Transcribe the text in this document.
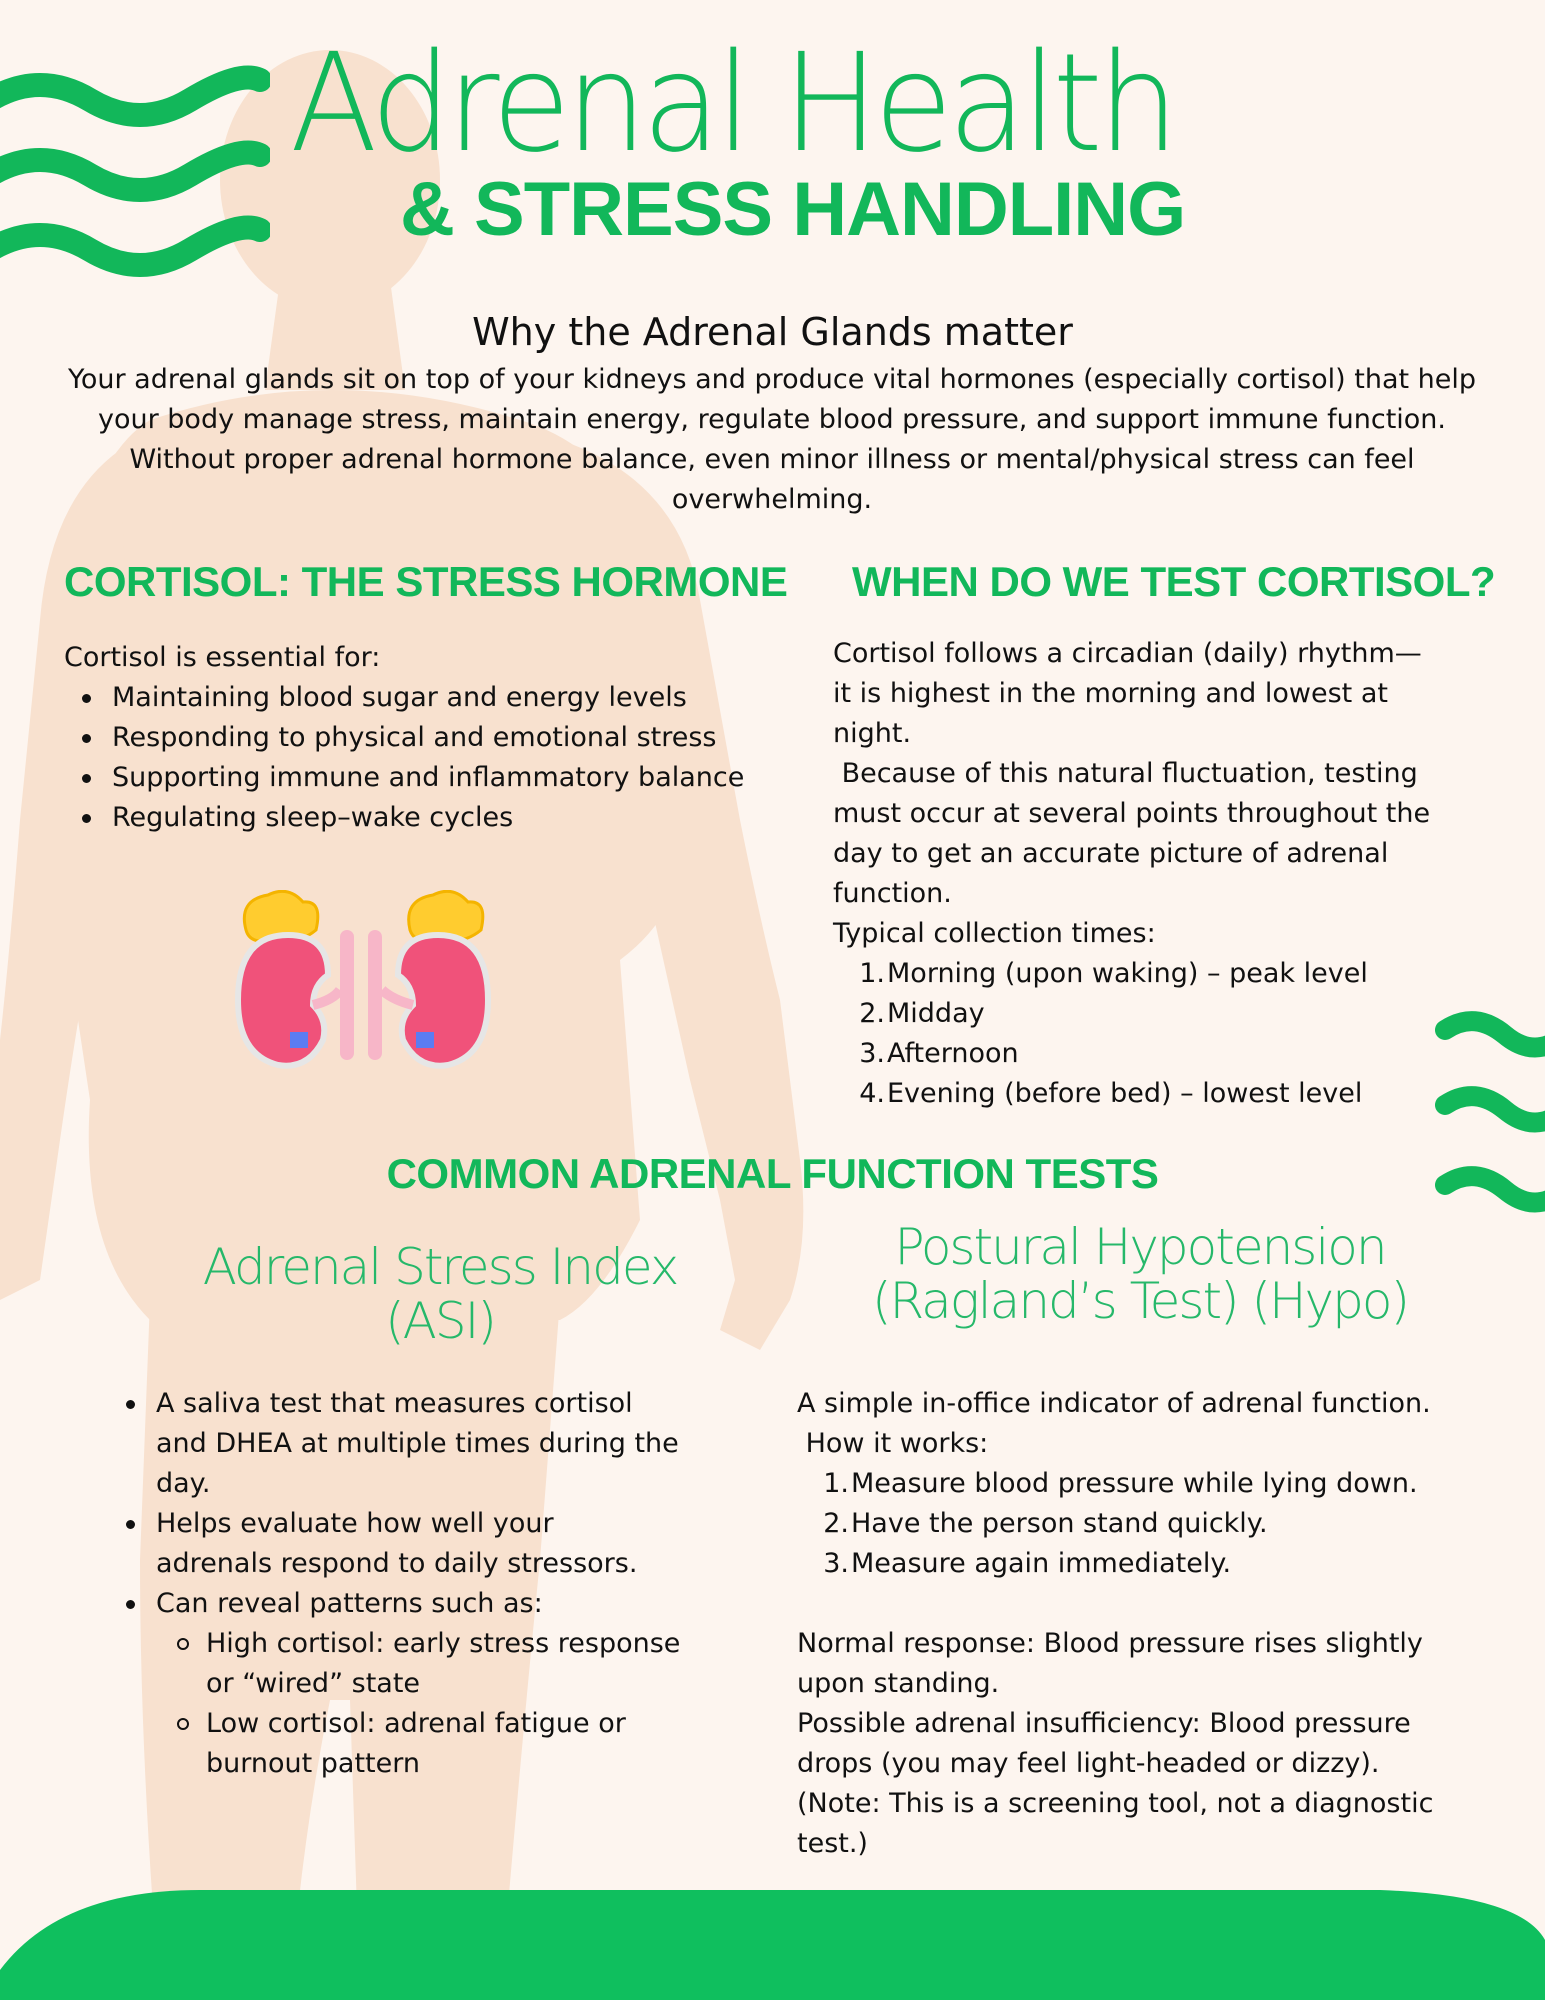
Adrenal Health
& STRESS HANDLING
Why the Adrenal Glands matter
Your adrenal glands sit on top of your kidneys and produce vital hormones (especially cortisol) that help
your body manage stress, maintain energy, regulate blood pressure, and support immune function.
Without proper adrenal hormone balance, even minor illness or mental/physical stress can feel
overwhelming.
CORTISOL: THE STRESS HORMONE
Cortisol is essential for:
Maintaining blood sugar and energy levels
Responding to physical and emotional stress
Supporting immune and inflammatory balance
Regulating sleep–wake cycles
WHEN DO WE TEST CORTISOL?
Cortisol follows a circadian (daily) rhythm—
it is highest in the morning and lowest at
night.
Because of this natural fluctuation, testing
must occur at several points throughout the
day to get an accurate picture of adrenal
function.
Typical collection times:
1. Morning (upon waking) – peak level
2. Midday
3. Afternoon
4. Evening (before bed) – lowest level
COMMON ADRENAL FUNCTION TESTS
Adrenal Stress Index
(ASI)
Postural Hypotension
(Ragland’s Test) (Hypo)
A saliva test that measures cortisol
and DHEA at multiple times during the
day.
Helps evaluate how well your
adrenals respond to daily stressors.
Can reveal patterns such as:
High cortisol: early stress response
or “wired” state
Low cortisol: adrenal fatigue or
burnout pattern
A simple in-office indicator of adrenal function.
How it works:
1. Measure blood pressure while lying down.
2. Have the person stand quickly.
3. Measure again immediately.
Normal response: Blood pressure rises slightly
upon standing.
Possible adrenal insufficiency: Blood pressure
drops (you may feel light-headed or dizzy).
(Note: This is a screening tool, not a diagnostic
test.)
